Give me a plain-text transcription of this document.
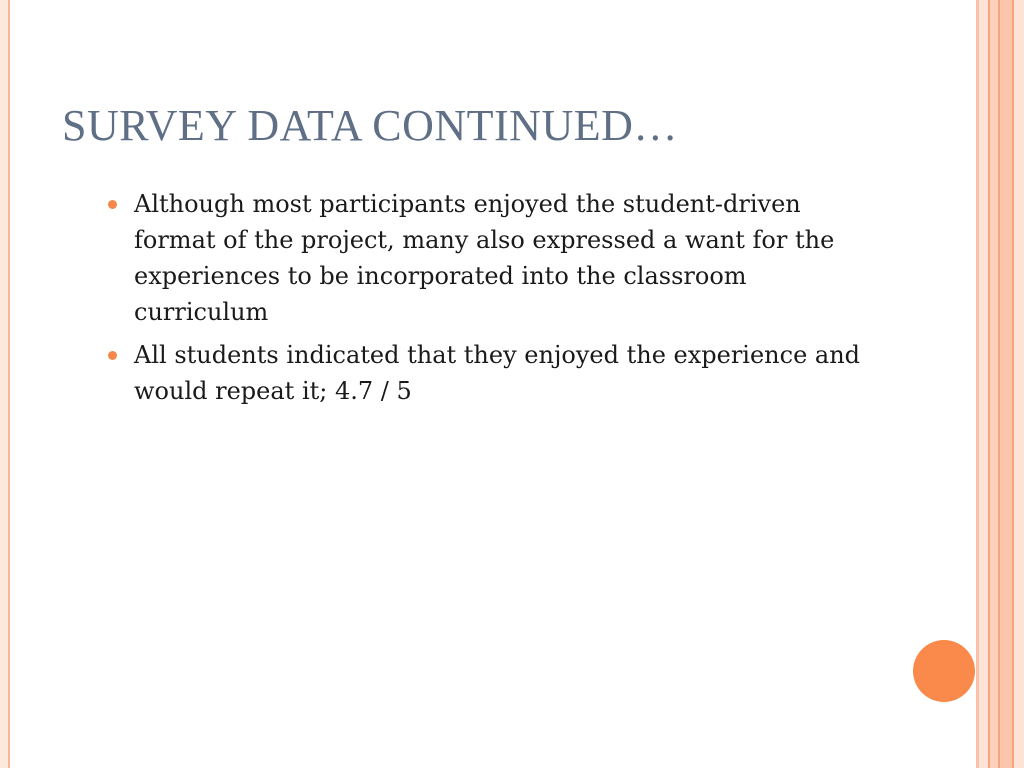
SURVEY DATA CONTINUED…
Although most participants enjoyed the student-driven format of the project, many also expressed a want for the experiences to be incorporated into the classroom curriculum
All students indicated that they enjoyed the experience and would repeat it; 4.7 / 5
